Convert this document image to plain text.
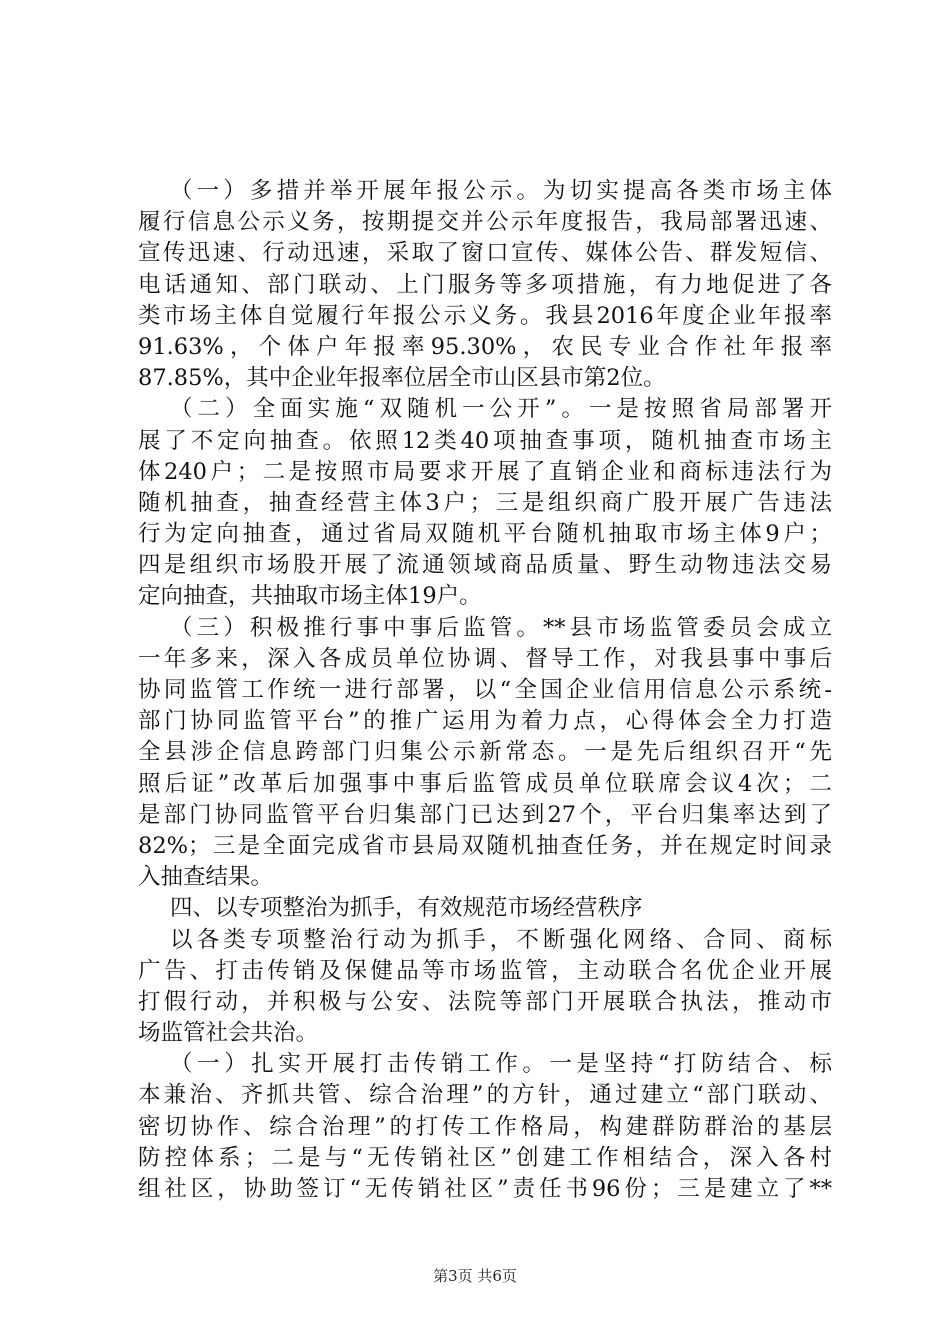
（一）多措并举开展年报公示。为切实提高各类市场主体
履行信息公示义务，按期提交并公示年度报告，我局部署迅速、
宣传迅速、行动迅速，采取了窗口宣传、媒体公告、群发短信、
电话通知、部门联动、上门服务等多项措施，有力地促进了各
类市场主体自觉履行年报公示义务。我县2016年度企业年报率
91.63%，个体户年报率95.30%，农民专业合作社年报率
87.85%，其中企业年报率位居全市山区县市第2位。
（二）全面实施“双随机一公开”。一是按照省局部署开
展了不定向抽查。依照12类40项抽查事项，随机抽查市场主
体240户；二是按照市局要求开展了直销企业和商标违法行为
随机抽查，抽查经营主体3户；三是组织商广股开展广告违法
行为定向抽查，通过省局双随机平台随机抽取市场主体9户；
四是组织市场股开展了流通领域商品质量、野生动物违法交易
定向抽查，共抽取市场主体19户。
（三）积极推行事中事后监管。**县市场监管委员会成立
一年多来，深入各成员单位协调、督导工作，对我县事中事后
协同监管工作统一进行部署，以“全国企业信用信息公示系统-
部门协同监管平台”的推广运用为着力点，心得体会全力打造
全县涉企信息跨部门归集公示新常态。一是先后组织召开“先
照后证”改革后加强事中事后监管成员单位联席会议4次；二
是部门协同监管平台归集部门已达到27个，平台归集率达到了
82%；三是全面完成省市县局双随机抽查任务，并在规定时间录
入抽查结果。
四、以专项整治为抓手，有效规范市场经营秩序
以各类专项整治行动为抓手，不断强化网络、合同、商标
广告、打击传销及保健品等市场监管，主动联合名优企业开展
打假行动，并积极与公安、法院等部门开展联合执法，推动市
场监管社会共治。
（一）扎实开展打击传销工作。一是坚持“打防结合、标
本兼治、齐抓共管、综合治理”的方针，通过建立“部门联动、
密切协作、综合治理”的打传工作格局，构建群防群治的基层
防控体系；二是与“无传销社区”创建工作相结合，深入各村
组社区，协助签订“无传销社区”责任书96份；三是建立了**
第3页 共6页
